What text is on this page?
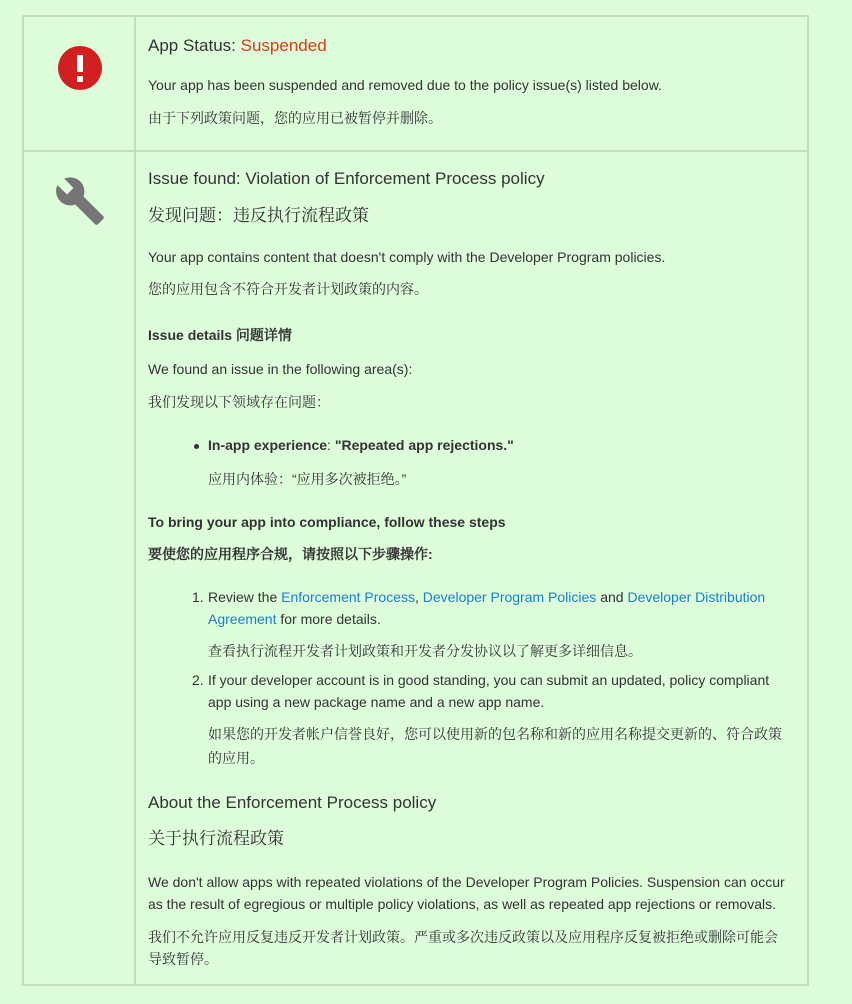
App Status: Suspended
Your app has been suspended and removed due to the policy issue(s) listed below.
由于下列政策问题，您的应用已被暂停并删除。
Issue found: Violation of Enforcement Process policy
发现问题：违反执行流程政策
Your app contains content that doesn't comply with the Developer Program policies.
您的应用包含不符合开发者计划政策的内容。
Issue details 问题详情
We found an issue in the following area(s):
我们发现以下领域存在问题：
In-app experience: "Repeated app rejections."
应用内体验：“应用多次被拒绝。”
To bring your app into compliance, follow these steps
要使您的应用程序合规，请按照以下步骤操作:
1. Review the Enforcement Process, Developer Program Policies and Developer Distribution
Agreement for more details.
查看执行流程开发者计划政策和开发者分发协议以了解更多详细信息。
2. If your developer account is in good standing, you can submit an updated, policy compliant
app using a new package name and a new app name.
如果您的开发者帐户信誉良好，您可以使用新的包名称和新的应用名称提交更新的、符合政策
的应用。
About the Enforcement Process policy
关于执行流程政策
We don't allow apps with repeated violations of the Developer Program Policies. Suspension can occur
as the result of egregious or multiple policy violations, as well as repeated app rejections or removals.
我们不允许应用反复违反开发者计划政策。严重或多次违反政策以及应用程序反复被拒绝或删除可能会
导致暂停。
